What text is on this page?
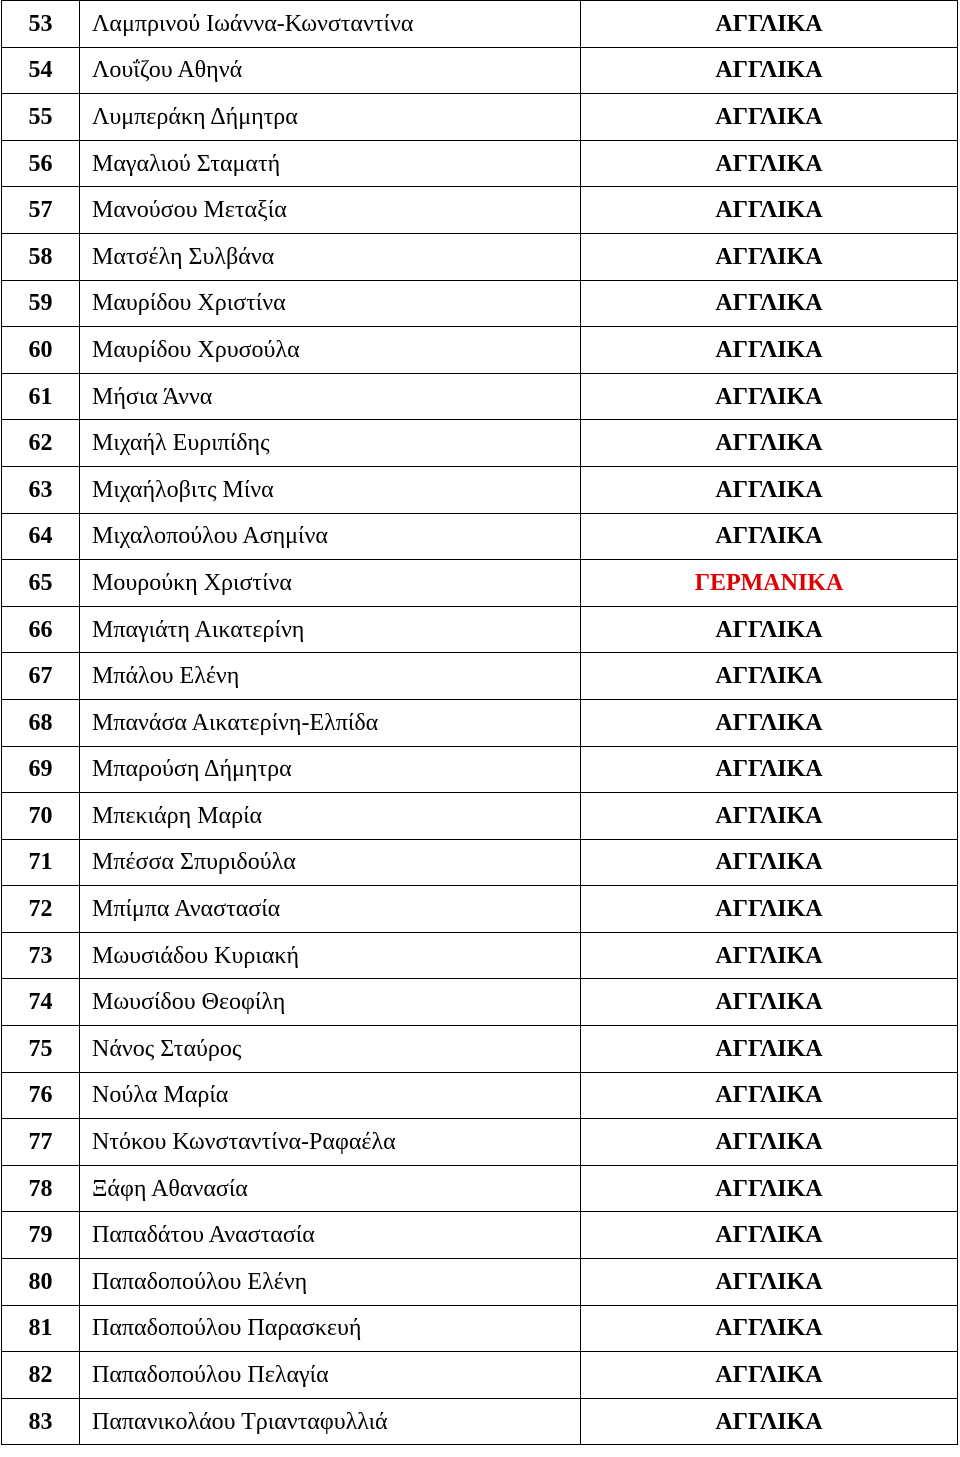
53	Λαμπρινού Ιωάννα-Κωνσταντίνα	ΑΓΓΛΙΚΑ
54	Λουΐζου Αθηνά	ΑΓΓΛΙΚΑ
55	Λυμπεράκη Δήμητρα	ΑΓΓΛΙΚΑ
56	Μαγαλιού Σταματή	ΑΓΓΛΙΚΑ
57	Μανούσου Μεταξία	ΑΓΓΛΙΚΑ
58	Ματσέλη Συλβάνα	ΑΓΓΛΙΚΑ
59	Μαυρίδου Χριστίνα	ΑΓΓΛΙΚΑ
60	Μαυρίδου Χρυσούλα	ΑΓΓΛΙΚΑ
61	Μήσια Άννα	ΑΓΓΛΙΚΑ
62	Μιχαήλ Ευριπίδης	ΑΓΓΛΙΚΑ
63	Μιχαήλοβιτς Μίνα	ΑΓΓΛΙΚΑ
64	Μιχαλοπούλου Ασημίνα	ΑΓΓΛΙΚΑ
65	Μουρούκη Χριστίνα	ΓΕΡΜΑΝΙΚΑ
66	Μπαγιάτη Αικατερίνη	ΑΓΓΛΙΚΑ
67	Μπάλου Ελένη	ΑΓΓΛΙΚΑ
68	Μπανάσα Αικατερίνη-Ελπίδα	ΑΓΓΛΙΚΑ
69	Μπαρούση Δήμητρα	ΑΓΓΛΙΚΑ
70	Μπεκιάρη Μαρία	ΑΓΓΛΙΚΑ
71	Μπέσσα Σπυριδούλα	ΑΓΓΛΙΚΑ
72	Μπίμπα Αναστασία	ΑΓΓΛΙΚΑ
73	Μωυσιάδου Κυριακή	ΑΓΓΛΙΚΑ
74	Μωυσίδου Θεοφίλη	ΑΓΓΛΙΚΑ
75	Νάνος Σταύρος	ΑΓΓΛΙΚΑ
76	Νούλα Μαρία	ΑΓΓΛΙΚΑ
77	Ντόκου Κωνσταντίνα-Ραφαέλα	ΑΓΓΛΙΚΑ
78	Ξάφη Αθανασία	ΑΓΓΛΙΚΑ
79	Παπαδάτου Αναστασία	ΑΓΓΛΙΚΑ
80	Παπαδοπούλου Ελένη	ΑΓΓΛΙΚΑ
81	Παπαδοπούλου Παρασκευή	ΑΓΓΛΙΚΑ
82	Παπαδοπούλου Πελαγία	ΑΓΓΛΙΚΑ
83	Παπανικολάου Τριανταφυλλιά	ΑΓΓΛΙΚΑ
